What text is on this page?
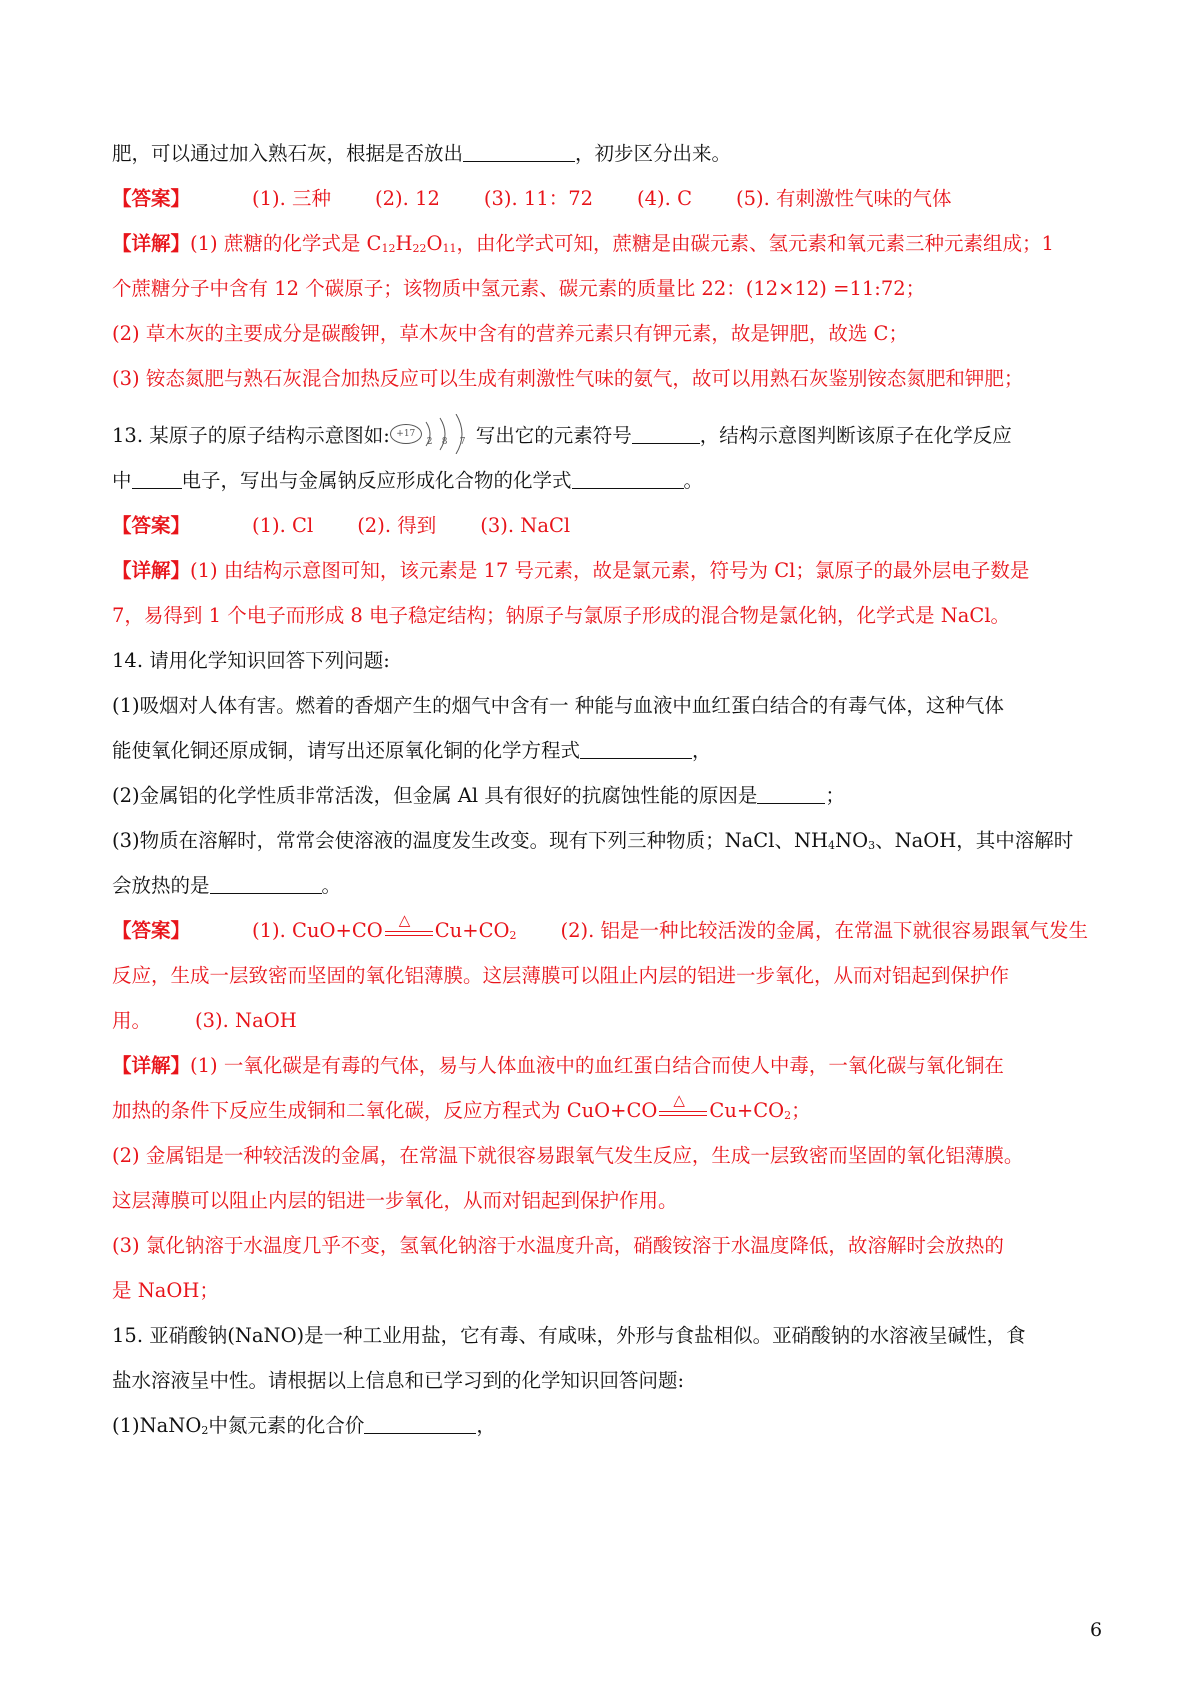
肥，可以通过加入熟石灰，根据是否放出	，初步区分出来。
【答案】	(1). 三种 (2). 12 (3). 11：72 (4). C (5). 有刺激性气味的气体
【详解】(1) 蔗糖的化学式是 C12H22O11，由化学式可知，蔗糖是由碳元素、氢元素和氧元素三种元素组成；1
个蔗糖分子中含有 12 个碳原子；该物质中氢元素、碳元素的质量比 22：(12×12) =11:72；
(2) 草木灰的主要成分是碳酸钾，草木灰中含有的营养元素只有钾元素，故是钾肥，故选 C；
(3) 铵态氮肥与熟石灰混合加热反应可以生成有刺激性气味的氨气，故可以用熟石灰鉴别铵态氮肥和钾肥；
13. 某原子的原子结构示意图如: +17
2 8 7 写出它的元素符号	，结构示意图判断该原子在化学反应
中	电子，写出与金属钠反应形成化合物的化学式	。
【答案】	(1). Cl (2). 得到 (3). NaCl
【详解】(1) 由结构示意图可知，该元素是 17 号元素，故是氯元素，符号为 Cl；氯原子的最外层电子数是
7，易得到 1 个电子而形成 8 电子稳定结构；钠原子与氯原子形成的混合物是氯化钠，化学式是 NaCl。
14. 请用化学知识回答下列问题:
(1)吸烟对人体有害。燃着的香烟产生的烟气中含有一 种能与血液中血红蛋白结合的有毒气体，这种气体
能使氧化铜还原成铜，请写出还原氧化铜的化学方程式	，
(2)金属铝的化学性质非常活泼，但金属 Al 具有很好的抗腐蚀性能的原因是	；
(3)物质在溶解时，常常会使溶液的温度发生改变。现有下列三种物质；NaCl、NH4NO3、NaOH，其中溶解时
会放热的是	。
【答案】	(1). CuO+CO △ Cu+CO2 (2). 铝是一种比较活泼的金属，在常温下就很容易跟氧气发生
反应，生成一层致密而坚固的氧化铝薄膜。这层薄膜可以阻止内层的铝进一步氧化，从而对铝起到保护作
用。 (3). NaOH
【详解】(1) 一氧化碳是有毒的气体，易与人体血液中的血红蛋白结合而使人中毒，一氧化碳与氧化铜在
加热的条件下反应生成铜和二氧化碳，反应方程式为 CuO+CO △ Cu+CO2；
(2) 金属铝是一种较活泼的金属，在常温下就很容易跟氧气发生反应，生成一层致密而坚固的氧化铝薄膜。
这层薄膜可以阻止内层的铝进一步氧化，从而对铝起到保护作用。
(3) 氯化钠溶于水温度几乎不变，氢氧化钠溶于水温度升高，硝酸铵溶于水温度降低，故溶解时会放热的
是 NaOH；
15. 亚硝酸钠(NaNO)是一种工业用盐，它有毒、有咸味，外形与食盐相似。亚硝酸钠的水溶液呈碱性，食
盐水溶液呈中性。请根据以上信息和已学习到的化学知识回答问题:
(1)NaNO2中氮元素的化合价	，
6
